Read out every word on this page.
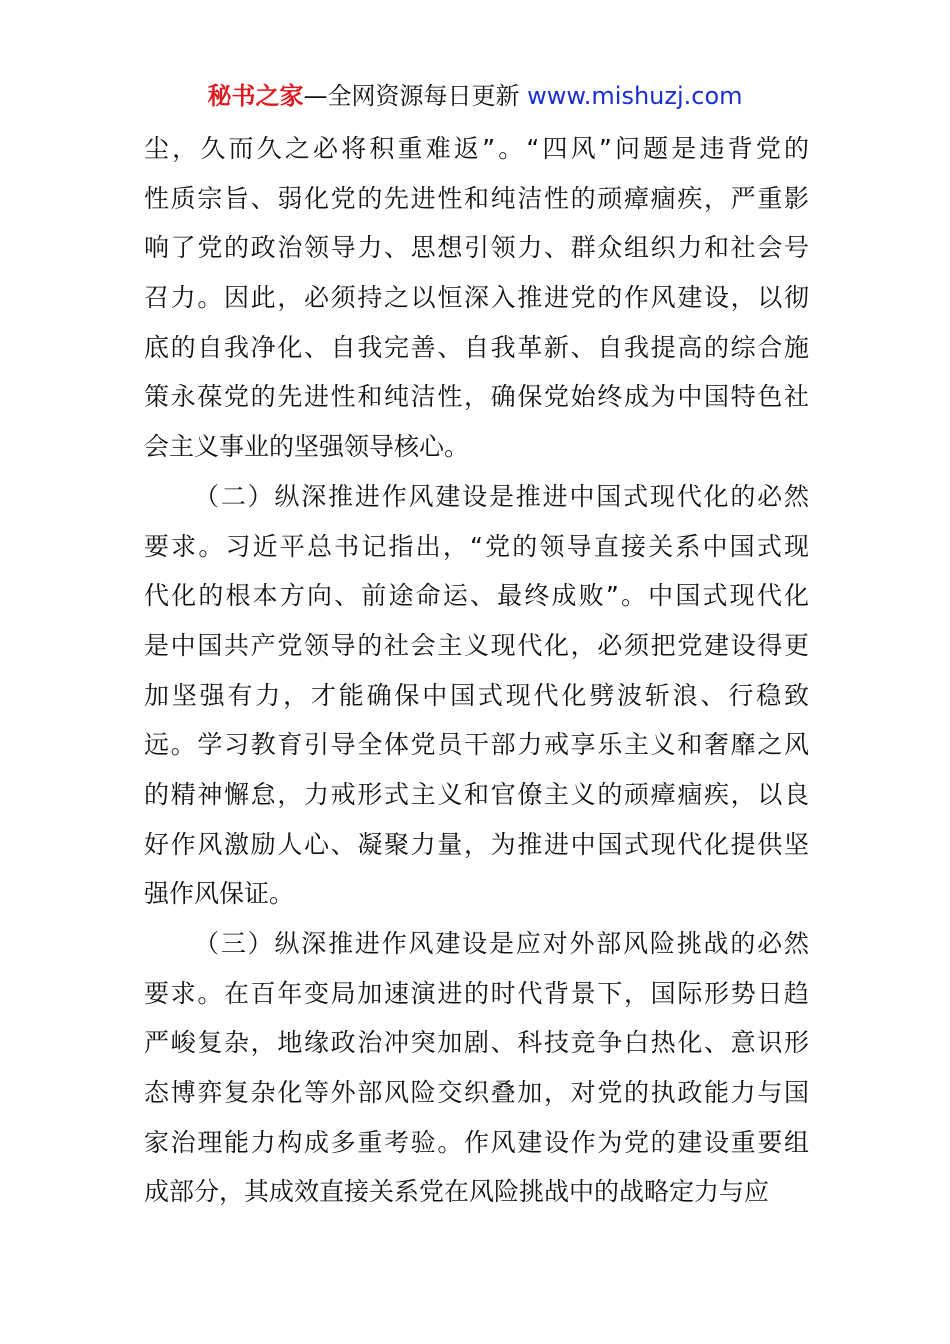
秘书之家—全网资源每日更新 www.mishuzj.com
尘，久而久之必将积重难返”。“四风”问题是违背党的
性质宗旨、弱化党的先进性和纯洁性的顽瘴痼疾，严重影
响了党的政治领导力、思想引领力、群众组织力和社会号
召力。因此，必须持之以恒深入推进党的作风建设，以彻
底的自我净化、自我完善、自我革新、自我提高的综合施
策永葆党的先进性和纯洁性，确保党始终成为中国特色社
会主义事业的坚强领导核心。
（二）纵深推进作风建设是推进中国式现代化的必然
要求。习近平总书记指出，“党的领导直接关系中国式现
代化的根本方向、前途命运、最终成败”。中国式现代化
是中国共产党领导的社会主义现代化，必须把党建设得更
加坚强有力，才能确保中国式现代化劈波斩浪、行稳致
远。学习教育引导全体党员干部力戒享乐主义和奢靡之风
的精神懈怠，力戒形式主义和官僚主义的顽瘴痼疾，以良
好作风激励人心、凝聚力量，为推进中国式现代化提供坚
强作风保证。
（三）纵深推进作风建设是应对外部风险挑战的必然
要求。在百年变局加速演进的时代背景下，国际形势日趋
严峻复杂，地缘政治冲突加剧、科技竞争白热化、意识形
态博弈复杂化等外部风险交织叠加，对党的执政能力与国
家治理能力构成多重考验。作风建设作为党的建设重要组
成部分，其成效直接关系党在风险挑战中的战略定力与应
